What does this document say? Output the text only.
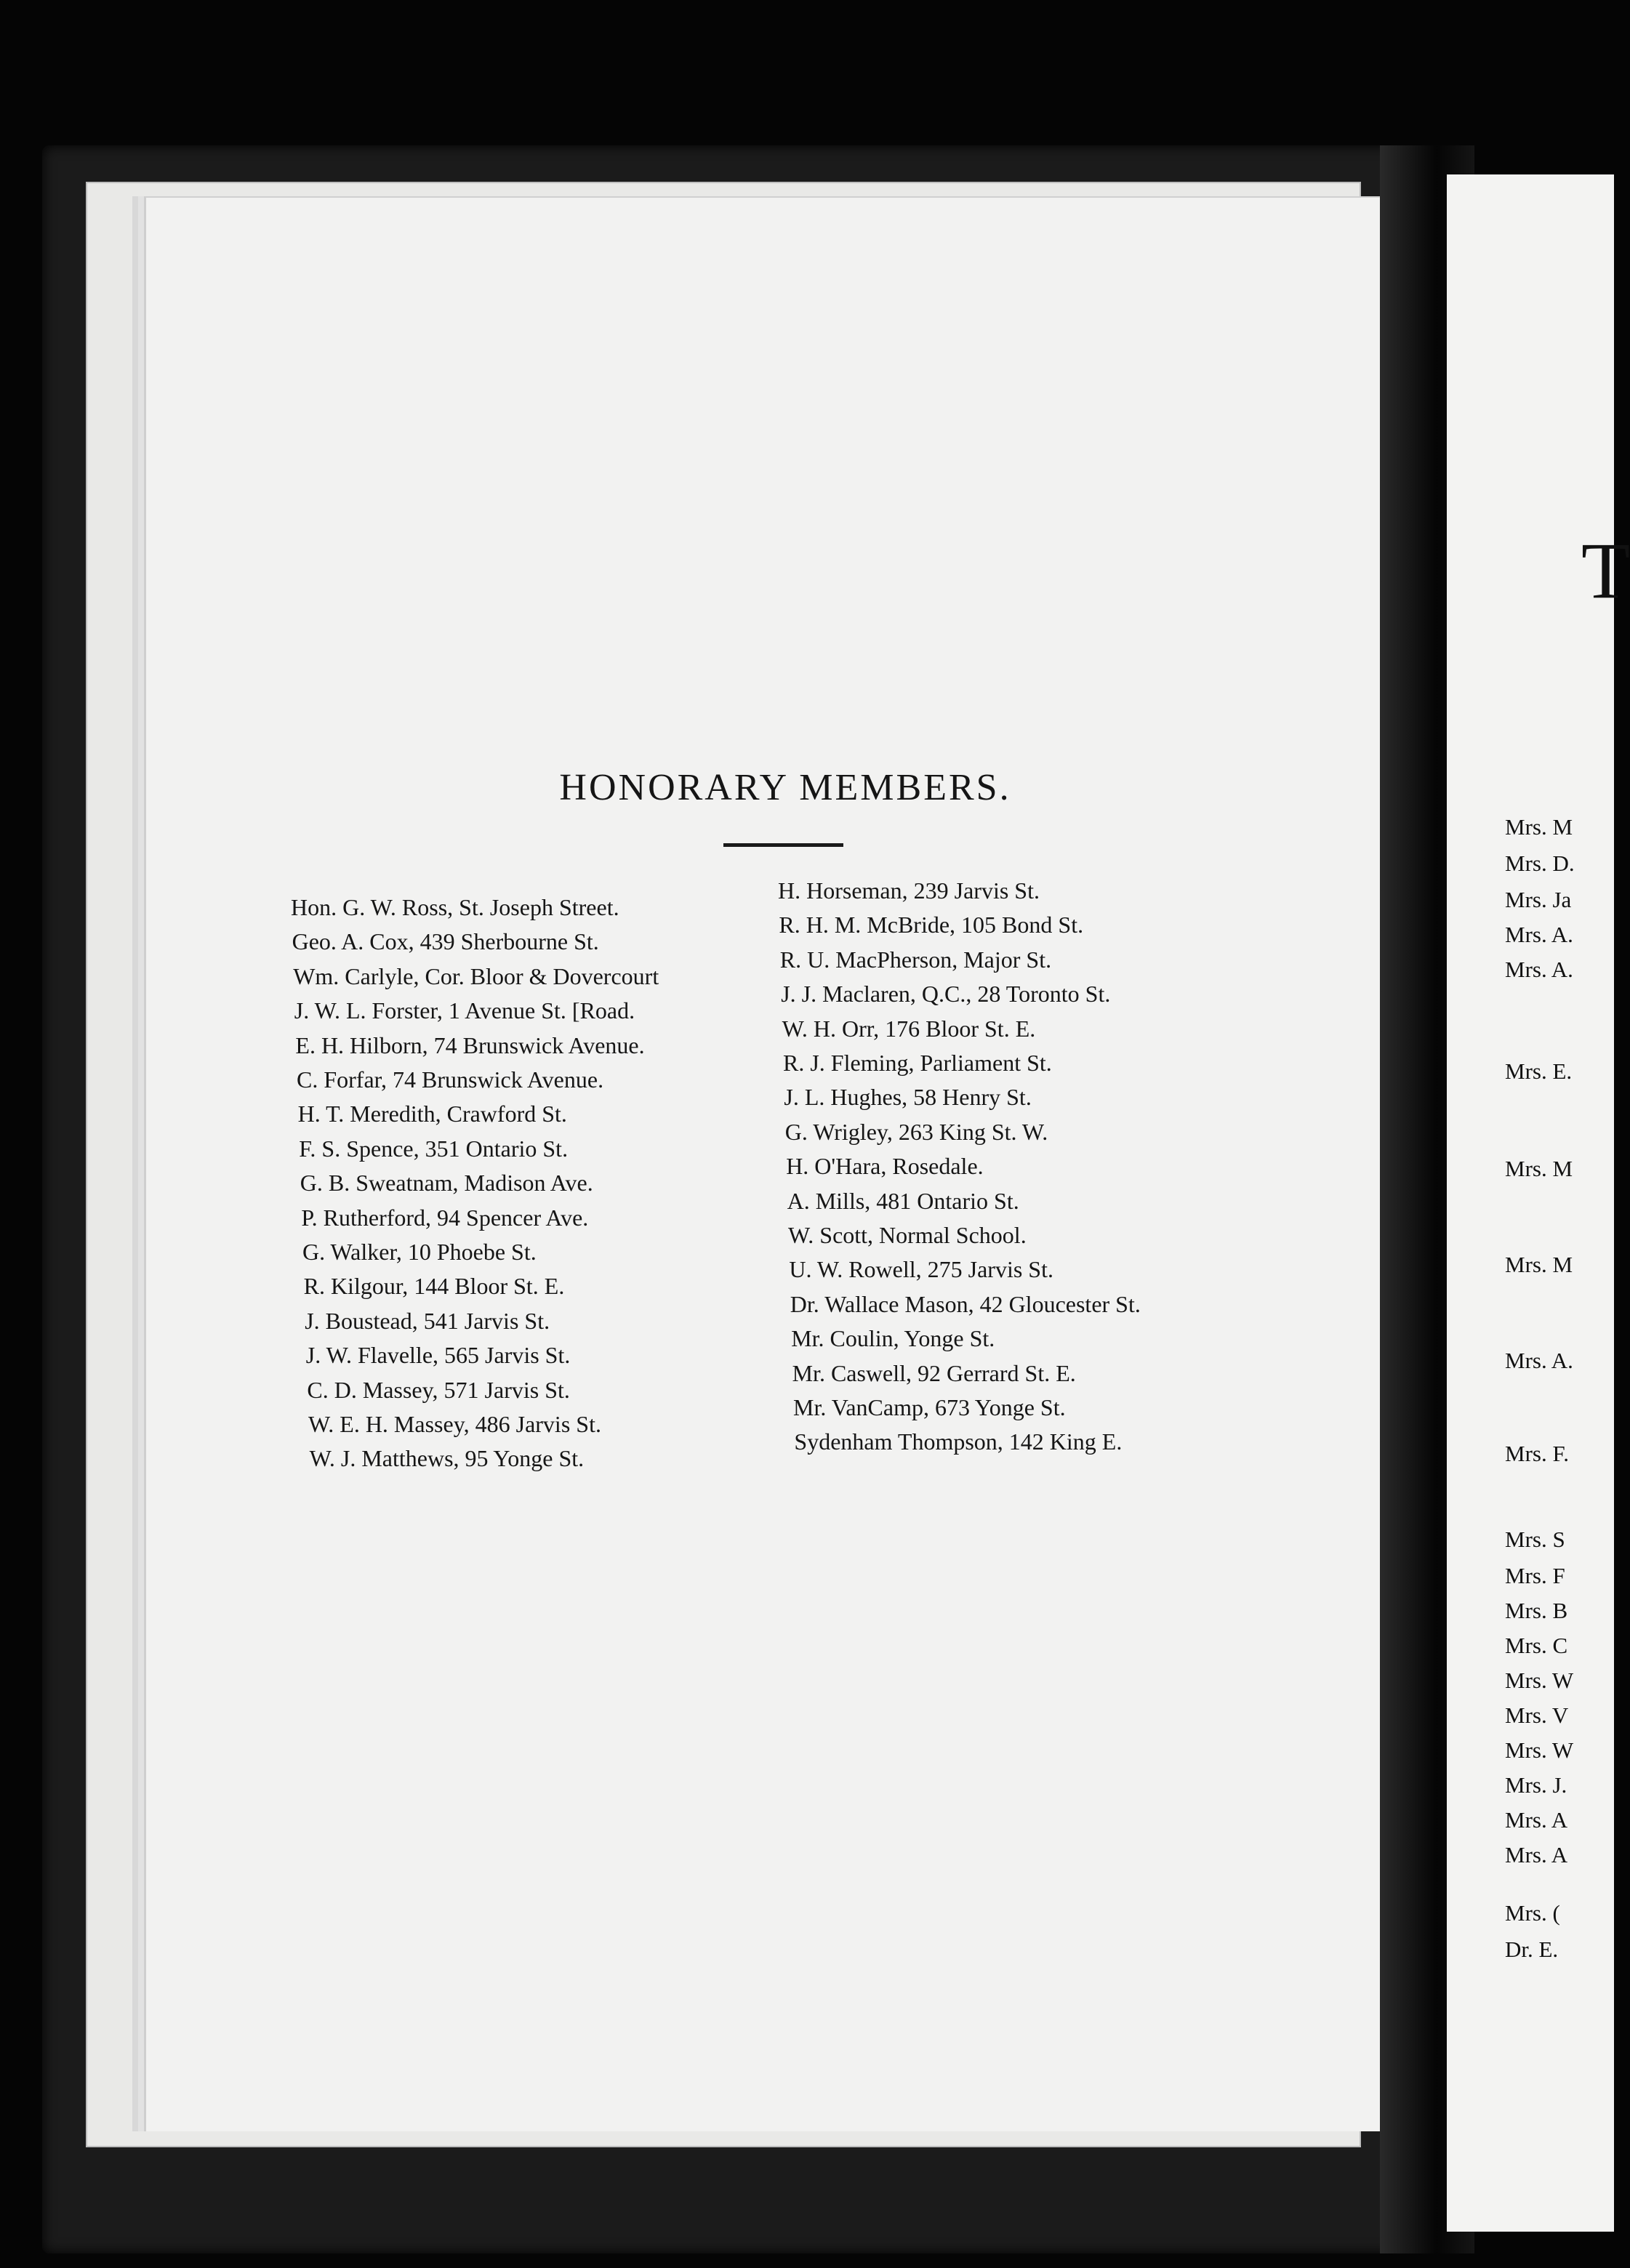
T
Mrs. M
Mrs. D.
Mrs. Ja
Mrs. A.
Mrs. A.
Mrs. E.
Mrs. M
Mrs. M
Mrs. A.
Mrs. F.
Mrs. S
Mrs. F
Mrs. B
Mrs. C
Mrs. W
Mrs. V
Mrs. W
Mrs. J.
Mrs. A
Mrs. A
Mrs. (
Dr. E.
HONORARY MEMBERS.
Hon. G. W. Ross, St. Joseph Street.
Geo. A. Cox, 439 Sherbourne St.
Wm. Carlyle, Cor. Bloor & Dovercourt
J. W. L. Forster, 1 Avenue St. [Road.
E. H. Hilborn, 74 Brunswick Avenue.
C. Forfar, 74 Brunswick Avenue.
H. T. Meredith, Crawford St.
F. S. Spence, 351 Ontario St.
G. B. Sweatnam, Madison Ave.
P. Rutherford, 94 Spencer Ave.
G. Walker, 10 Phoebe St.
R. Kilgour, 144 Bloor St. E.
J. Boustead, 541 Jarvis St.
J. W. Flavelle, 565 Jarvis St.
C. D. Massey, 571 Jarvis St.
W. E. H. Massey, 486 Jarvis St.
W. J. Matthews, 95 Yonge St.
H. Horseman, 239 Jarvis St.
R. H. M. McBride, 105 Bond St.
R. U. MacPherson, Major St.
J. J. Maclaren, Q.C., 28 Toronto St.
W. H. Orr, 176 Bloor St. E.
R. J. Fleming, Parliament St.
J. L. Hughes, 58 Henry St.
G. Wrigley, 263 King St. W.
H. O'Hara, Rosedale.
A. Mills, 481 Ontario St.
W. Scott, Normal School.
U. W. Rowell, 275 Jarvis St.
Dr. Wallace Mason, 42 Gloucester St.
Mr. Coulin, Yonge St.
Mr. Caswell, 92 Gerrard St. E.
Mr. VanCamp, 673 Yonge St.
Sydenham Thompson, 142 King E.
